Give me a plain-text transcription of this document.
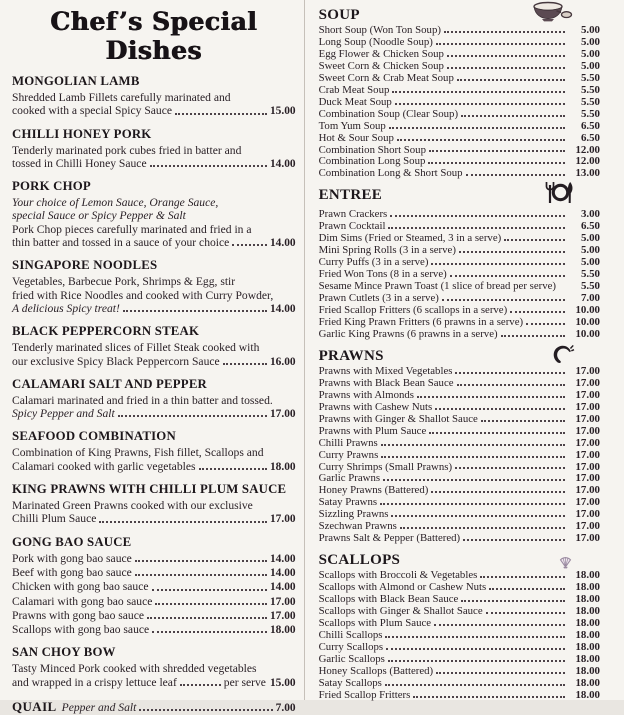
Chef’s Special Dishes
MONGOLIAN LAMB
Shredded Lamb Fillets carefully marinated and
cooked with a special Spicy Sauce	15.00
CHILLI HONEY PORK
Tenderly marinated pork cubes fried in batter and
tossed in Chilli Honey Sauce	14.00
PORK CHOP
Your choice of Lemon Sauce, Orange Sauce,
special Sauce or Spicy Pepper & Salt
Pork Chop pieces carefully marinated and fried in a
thin batter and tossed in a sauce of your choice	14.00
SINGAPORE NOODLES
Vegetables, Barbecue Pork, Shrimps & Egg, stir
fried with Rice Noodles and cooked with Curry Powder,
A delicious Spicy treat!	14.00
BLACK PEPPERCORN STEAK
Tenderly marinated slices of Fillet Steak cooked with
our exclusive Spicy Black Peppercorn Sauce	16.00
CALAMARI SALT AND PEPPER
Calamari marinated and fried in a thin batter and tossed.
Spicy Pepper and Salt	17.00
SEAFOOD COMBINATION
Combination of King Prawns, Fish fillet, Scallops and
Calamari cooked with garlic vegetables	18.00
KING PRAWNS WITH CHILLI PLUM SAUCE
Marinated Green Prawns cooked with our exclusive
Chilli Plum Sauce	17.00
GONG BAO SAUCE
Pork with gong bao sauce	14.00
Beef with gong bao sauce	14.00
Chicken with gong bao sauce	14.00
Calamari with gong bao sauce	17.00
Prawns with gong bao sauce	17.00
Scallops with gong bao sauce	18.00
SAN CHOY BOW
Tasty Minced Pork cooked with shredded vegetables
and wrapped in a crispy lettuce leaf	per serve 15.00
QUAIL Pepper and Salt	7.00
SOUP
Short Soup (Won Ton Soup)	5.00
Long Soup (Noodle Soup)	5.00
Egg Flower & Chicken Soup	5.00
Sweet Corn & Chicken Soup	5.00
Sweet Corn & Crab Meat Soup	5.50
Crab Meat Soup	5.50
Duck Meat Soup	5.50
Combination Soup (Clear Soup)	5.50
Tom Yum Soup	6.50
Hot & Sour Soup	6.50
Combination Short Soup	12.00
Combination Long Soup	12.00
Combination Long & Short Soup	13.00
ENTREE
Prawn Crackers	3.00
Prawn Cocktail	6.50
Dim Sims (Fried or Steamed, 3 in a serve)	5.00
Mini Spring Rolls (3 in a serve)	5.00
Curry Puffs (3 in a serve)	5.00
Fried Won Tons (8 in a serve)	5.50
Sesame Mince Prawn Toast (1 slice of bread per serve)	5.50
Prawn Cutlets (3 in a serve)	7.00
Fried Scallop Fritters (6 scallops in a serve)	10.00
Fried King Prawn Fritters (6 prawns in a serve)	10.00
Garlic King Prawns (6 prawns in a serve)	10.00
PRAWNS
Prawns with Mixed Vegetables	17.00
Prawns with Black Bean Sauce	17.00
Prawns with Almonds	17.00
Prawns with Cashew Nuts	17.00
Prawns with Ginger & Shallot Sauce	17.00
Prawns with Plum Sauce	17.00
Chilli Prawns	17.00
Curry Prawns	17.00
Curry Shrimps (Small Prawns)	17.00
Garlic Prawns	17.00
Honey Prawns (Battered)	17.00
Satay Prawns	17.00
Sizzling Prawns	17.00
Szechwan Prawns	17.00
Prawns Salt & Pepper (Battered)	17.00
SCALLOPS
Scallops with Broccoli & Vegetables	18.00
Scallops with Almond or Cashew Nuts	18.00
Scallops with Black Bean Sauce	18.00
Scallops with Ginger & Shallot Sauce	18.00
Scallops with Plum Sauce	18.00
Chilli Scallops	18.00
Curry Scallops	18.00
Garlic Scallops	18.00
Honey Scallops (Battered)	18.00
Satay Scallops	18.00
Fried Scallop Fritters	18.00
